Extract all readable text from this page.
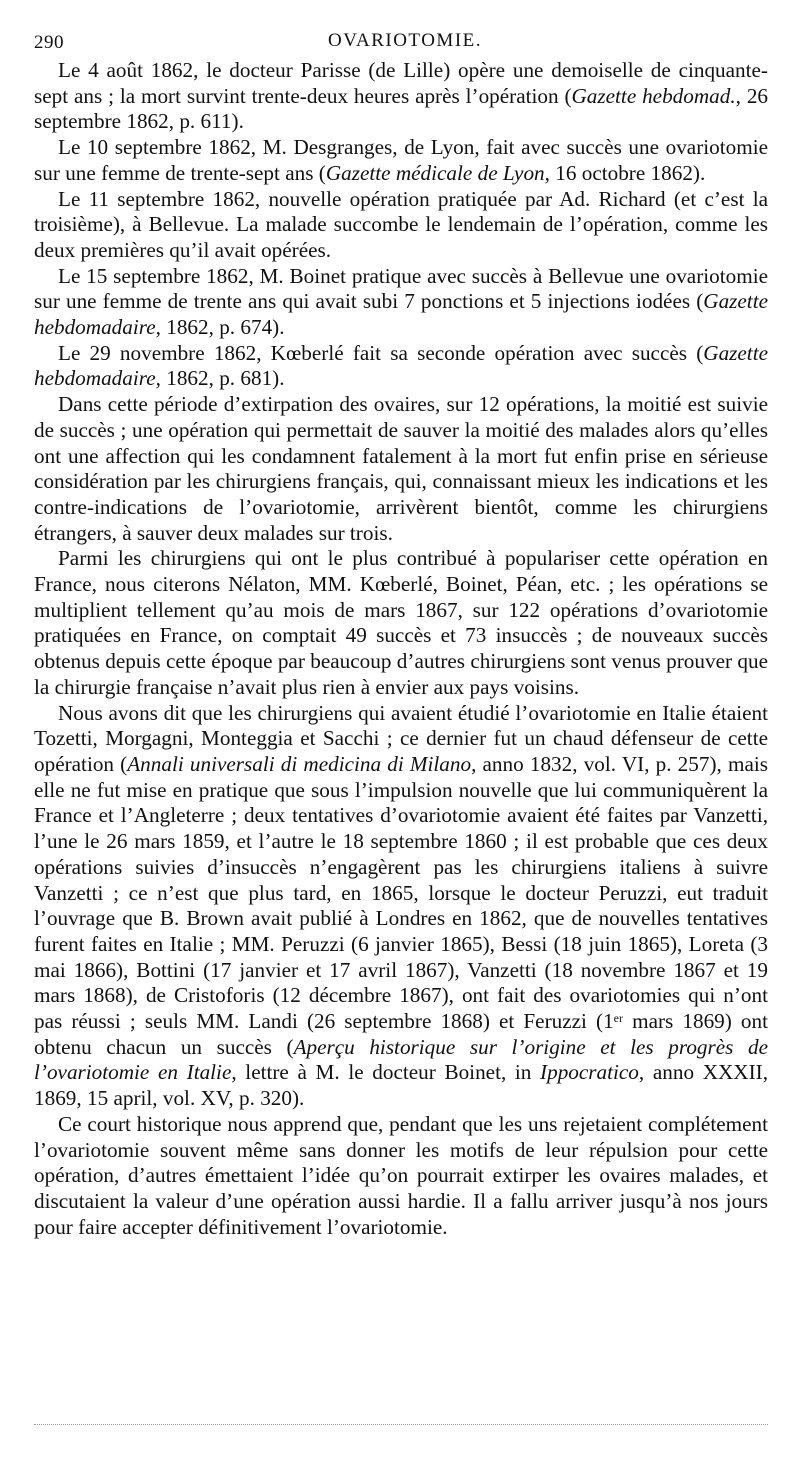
290	OVARIOTOMIE.

Le 4 août 1862, le docteur Parisse (de Lille) opère une demoiselle de cinquante-sept ans ; la mort survint trente-deux heures après l’opération (Gazette hebdomad., 26 septembre 1862, p. 611).

Le 10 septembre 1862, M. Desgranges, de Lyon, fait avec succès une ovariotomie sur une femme de trente-sept ans (Gazette médicale de Lyon, 16 octobre 1862).

Le 11 septembre 1862, nouvelle opération pratiquée par Ad. Richard (et c’est la troisième), à Bellevue. La malade succombe le lendemain de l’opération, comme les deux premières qu’il avait opérées.

Le 15 septembre 1862, M. Boinet pratique avec succès à Bellevue une ovariotomie sur une femme de trente ans qui avait subi 7 ponctions et 5 injections iodées (Gazette hebdomadaire, 1862, p. 674).

Le 29 novembre 1862, Kœberlé fait sa seconde opération avec succès (Gazette hebdomadaire, 1862, p. 681).

Dans cette période d’extirpation des ovaires, sur 12 opérations, la moitié est suivie de succès ; une opération qui permettait de sauver la moitié des malades alors qu’elles ont une affection qui les condamnent fatalement à la mort fut enfin prise en sérieuse considération par les chirurgiens français, qui, connaissant mieux les indications et les contre-indications de l’ovariotomie, arrivèrent bientôt, comme les chirurgiens étrangers, à sauver deux malades sur trois.

Parmi les chirurgiens qui ont le plus contribué à populariser cette opération en France, nous citerons Nélaton, MM. Kœberlé, Boinet, Péan, etc. ; les opérations se multiplient tellement qu’au mois de mars 1867, sur 122 opérations d’ovariotomie pratiquées en France, on comptait 49 succès et 73 insuccès ; de nouveaux succès obtenus depuis cette époque par beaucoup d’autres chirurgiens sont venus prouver que la chirurgie française n’avait plus rien à envier aux pays voisins.

Nous avons dit que les chirurgiens qui avaient étudié l’ovariotomie en Italie étaient Tozetti, Morgagni, Monteggia et Sacchi ; ce dernier fut un chaud défenseur de cette opération (Annali universali di medicina di Milano, anno 1832, vol. VI, p. 257), mais elle ne fut mise en pratique que sous l’impulsion nouvelle que lui communiquèrent la France et l’Angleterre ; deux tentatives d’ovariotomie avaient été faites par Vanzetti, l’une le 26 mars 1859, et l’autre le 18 septembre 1860 ; il est probable que ces deux opérations suivies d’insuccès n’engagèrent pas les chirurgiens italiens à suivre Vanzetti ; ce n’est que plus tard, en 1865, lorsque le docteur Peruzzi, eut traduit l’ouvrage que B. Brown avait publié à Londres en 1862, que de nouvelles tentatives furent faites en Italie ; MM. Peruzzi (6 janvier 1865), Bessi (18 juin 1865), Loreta (3 mai 1866), Bottini (17 janvier et 17 avril 1867), Vanzetti (18 novembre 1867 et 19 mars 1868), de Cristoforis (12 décembre 1867), ont fait des ovariotomies qui n’ont pas réussi ; seuls MM. Landi (26 septembre 1868) et Feruzzi (1er mars 1869) ont obtenu chacun un succès (Aperçu historique sur l’origine et les progrès de l’ovariotomie en Italie, lettre à M. le docteur Boinet, in Ippocratico, anno XXXII, 1869, 15 april, vol. XV, p. 320).

Ce court historique nous apprend que, pendant que les uns rejetaient complétement l’ovariotomie souvent même sans donner les motifs de leur répulsion pour cette opération, d’autres émettaient l’idée qu’on pourrait extirper les ovaires malades, et discutaient la valeur d’une opération aussi hardie. Il a fallu arriver jusqu’à nos jours pour faire accepter définitivement l’ovariotomie.
